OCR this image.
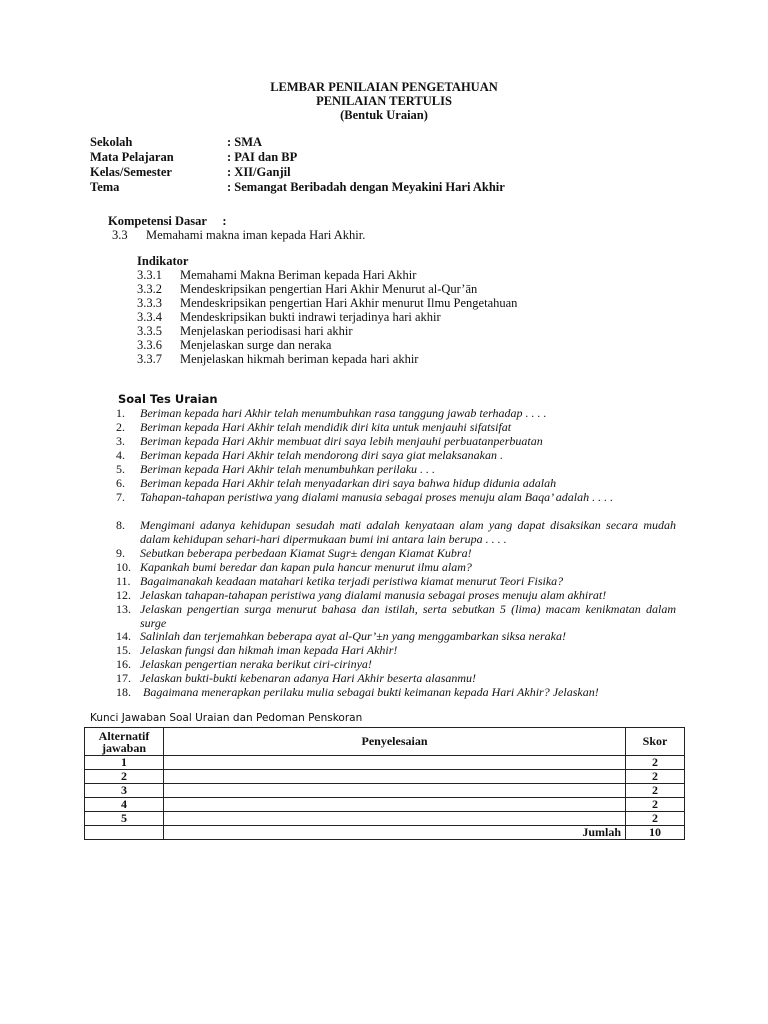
LEMBAR PENILAIAN PENGETAHUAN
PENILAIAN TERTULIS
(Bentuk Uraian)
Sekolah	: SMA
Mata Pelajaran	: PAI dan BP
Kelas/Semester	: XII/Ganjil
Tema	: Semangat Beribadah dengan Meyakini Hari Akhir
Kompetensi Dasar     :
3.3 Memahami makna iman kepada Hari Akhir.
Indikator
3.3.1 Memahami Makna Beriman kepada Hari Akhir
3.3.2 Mendeskripsikan pengertian Hari Akhir Menurut al-Qur’ān
3.3.3 Mendeskripsikan pengertian Hari Akhir menurut Ilmu Pengetahuan
3.3.4 Mendeskripsikan bukti indrawi terjadinya hari akhir
3.3.5 Menjelaskan periodisasi hari akhir
3.3.6 Menjelaskan surge dan neraka
3.3.7 Menjelaskan hikmah beriman kepada hari akhir
Soal Tes Uraian
1. Beriman kepada hari Akhir telah menumbuhkan rasa tanggung jawab terhadap . . . .
2. Beriman kepada Hari Akhir telah mendidik diri kita untuk menjauhi sifatsifat
3. Beriman kepada Hari Akhir membuat diri saya lebih menjauhi perbuatanperbuatan
4. Beriman kepada Hari Akhir telah mendorong diri saya giat melaksanakan .
5. Beriman kepada Hari Akhir telah menumbuhkan perilaku . . .
6. Beriman kepada Hari Akhir telah menyadarkan diri saya bahwa hidup didunia adalah
7. Tahapan-tahapan peristiwa yang dialami manusia sebagai proses menuju alam Baqa’ adalah . . . .
8. Mengimani adanya kehidupan sesudah mati adalah kenyataan alam yang dapat disaksikan secara mudah dalam kehidupan sehari-hari dipermukaan bumi ini antara lain berupa . . . .
9. Sebutkan beberapa perbedaan Kiamat Sugr± dengan Kiamat Kubra!
10. Kapankah bumi beredar dan kapan pula hancur menurut ilmu alam?
11. Bagaimanakah keadaan matahari ketika terjadi peristiwa kiamat menurut Teori Fisika?
12. Jelaskan tahapan-tahapan peristiwa yang dialami manusia sebagai proses menuju alam akhirat!
13. Jelaskan pengertian surga menurut bahasa dan istilah, serta sebutkan 5 (lima) macam kenikmatan dalam surge
14. Salinlah dan terjemahkan beberapa ayat al-Qur’±n yang menggambarkan siksa neraka!
15. Jelaskan fungsi dan hikmah iman kepada Hari Akhir!
16. Jelaskan pengertian neraka berikut ciri-cirinya!
17. Jelaskan bukti-bukti kebenaran adanya Hari Akhir beserta alasanmu!
18. Bagaimana menerapkan perilaku mulia sebagai bukti keimanan kepada Hari Akhir? Jelaskan!
Kunci Jawaban Soal Uraian dan Pedoman Penskoran
Alternatif jawaban	Penyelesaian	Skor
1		2
2		2
3		2
4		2
5		2
	Jumlah	10
